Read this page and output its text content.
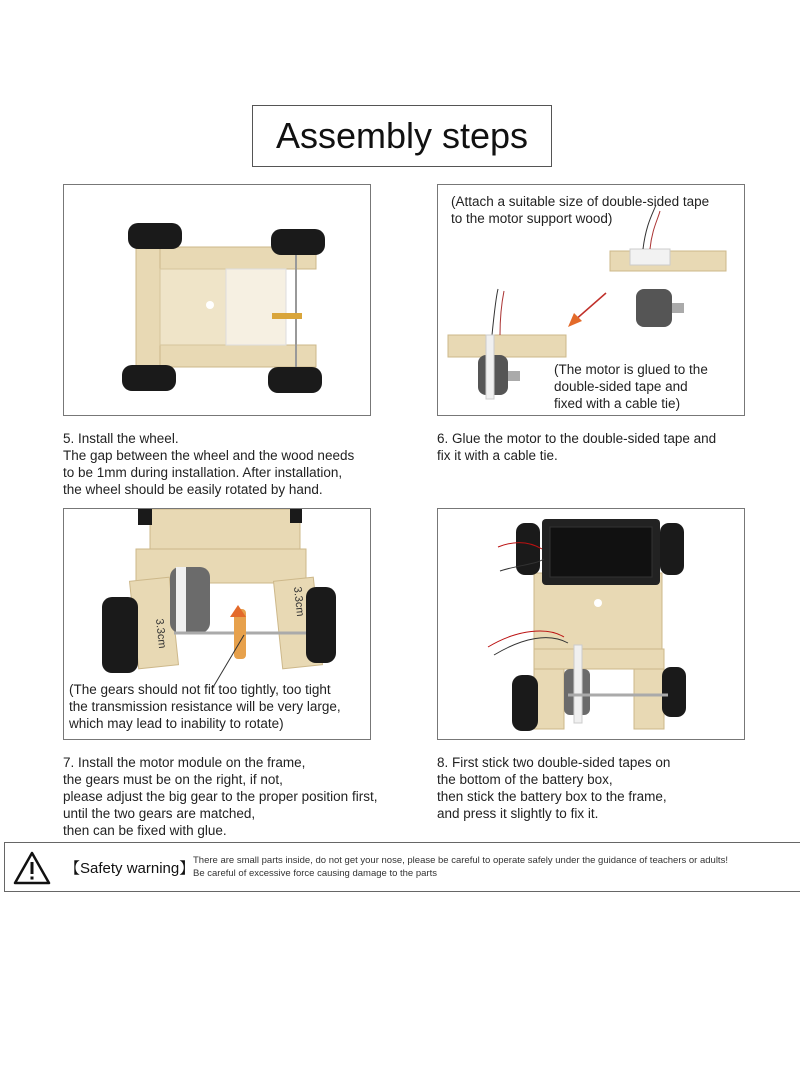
Assembly steps
(Attach a suitable size of double-sided tape
to the motor support wood)
(The motor is glued to the
double-sided tape and
fixed with a cable tie)
5. Install the wheel.
The gap between the wheel and the wood needs
to be 1mm during installation. After installation,
the wheel should be easily rotated by hand.
6. Glue the motor to the double-sided tape and
fix it with a cable tie.
3.3cm
3.3cm
(The gears should not fit too tightly, too tight
the transmission resistance will be very large,
which may lead to inability to rotate)
7. Install the motor module on the frame,
the gears must be on the right, if not,
please adjust the big gear to the proper position first,
until the two gears are matched,
then can be fixed with glue.
8. First stick two double-sided tapes on
the bottom of the battery box,
then stick the battery box to the frame,
and press it slightly to fix it.
【Safety warning】
There are small parts inside, do not get your nose, please be careful to operate safely under the guidance of teachers or adults!
Be careful of excessive force causing damage to the parts
